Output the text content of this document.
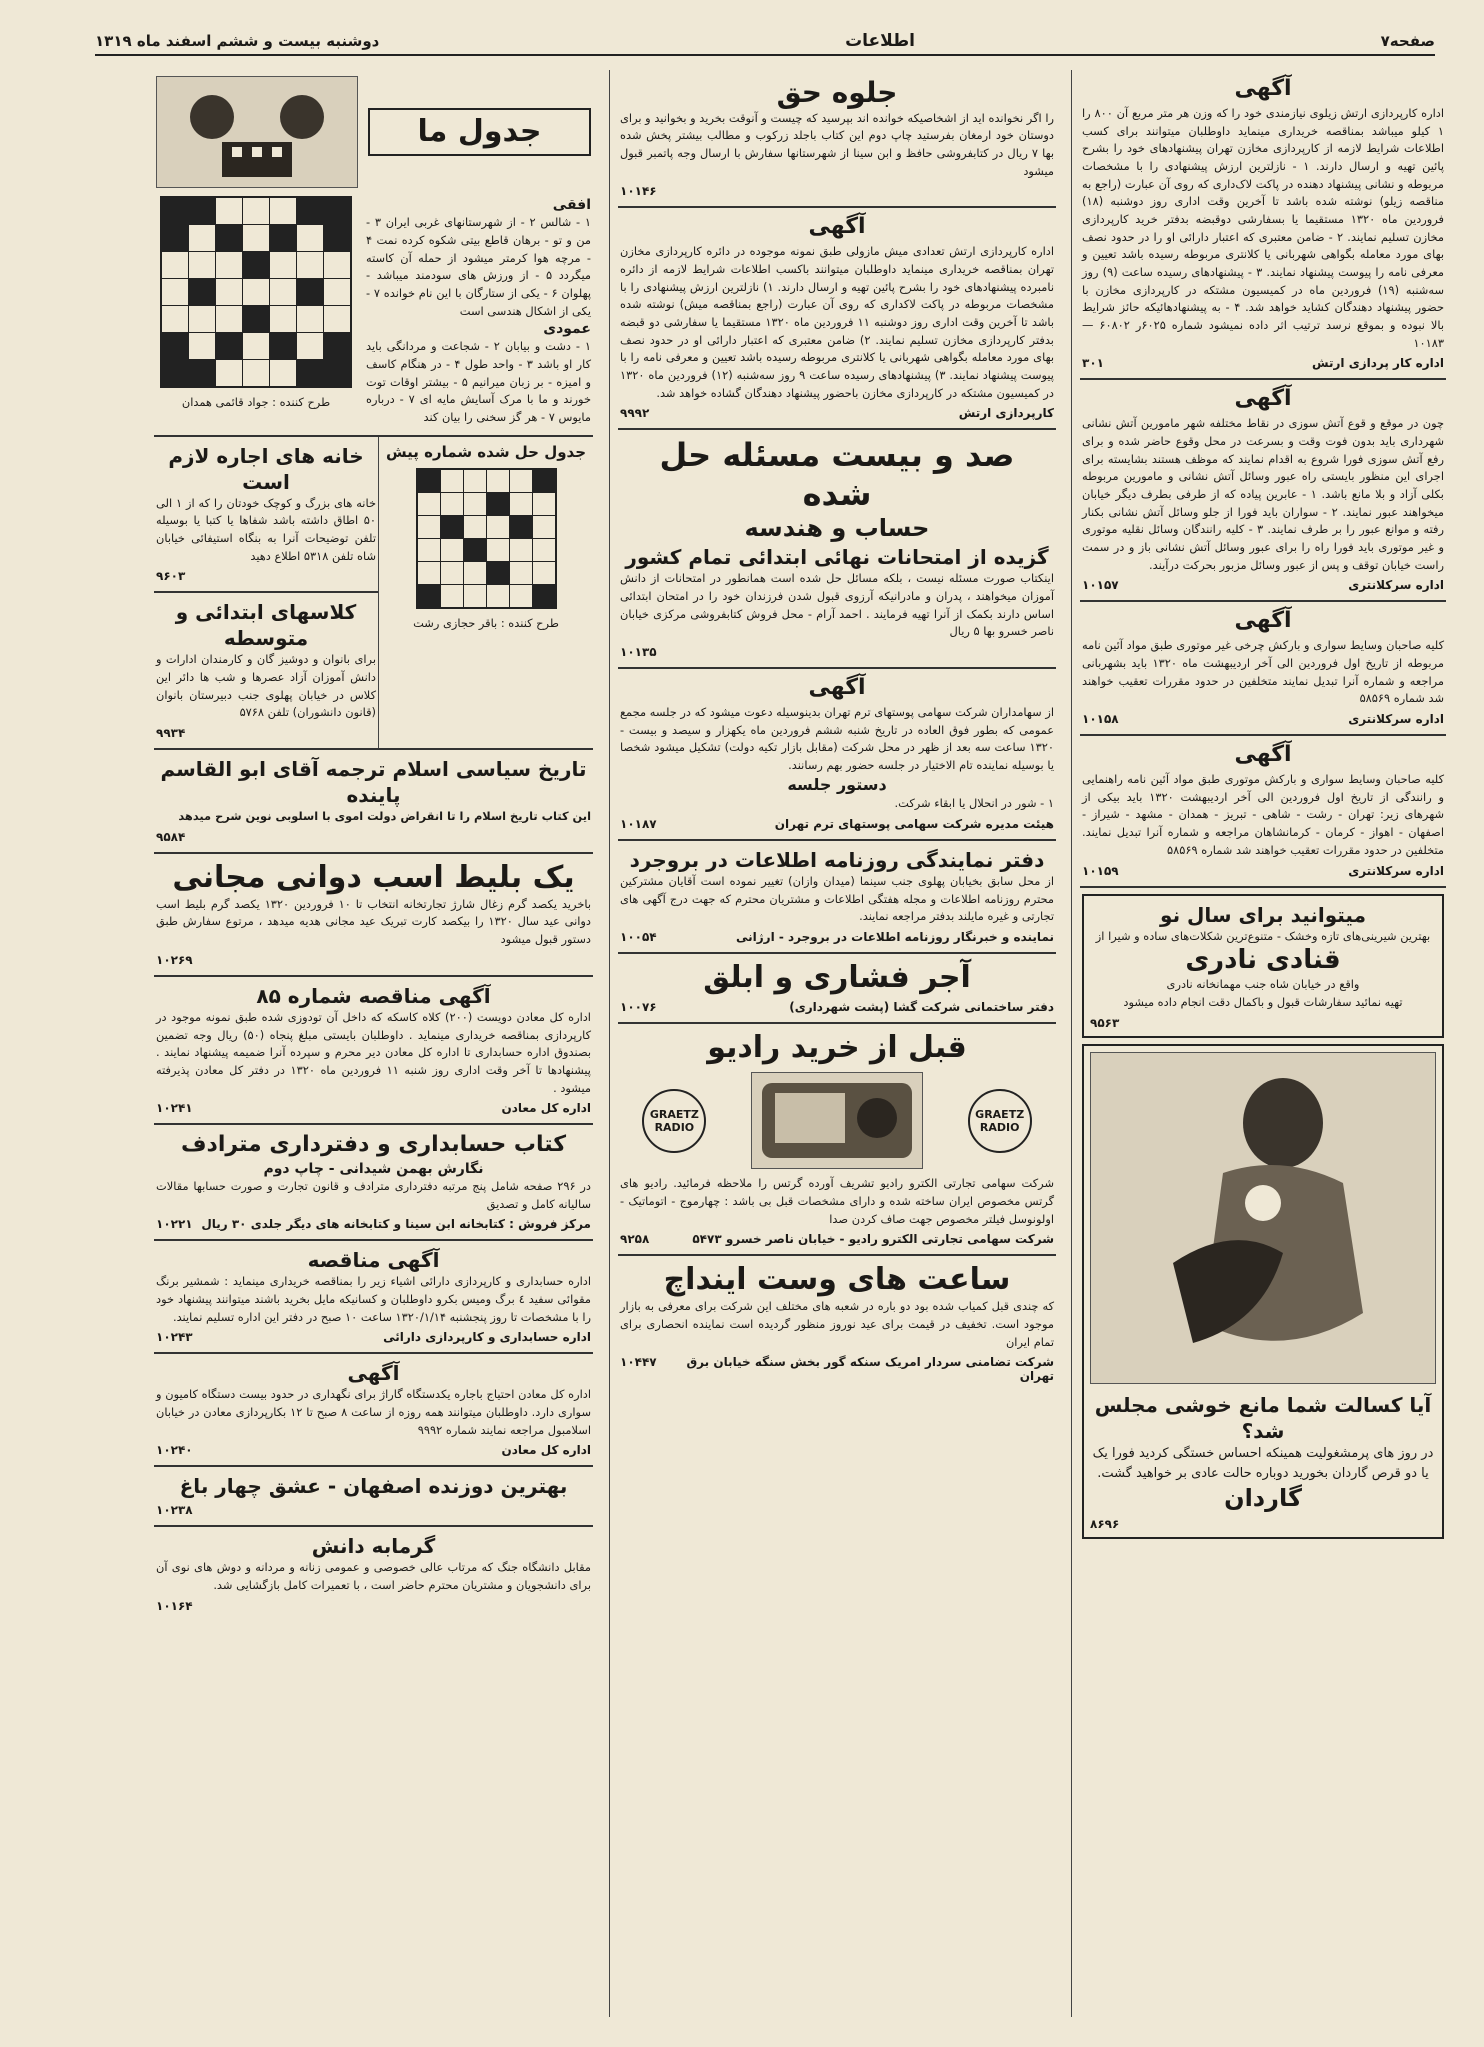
صفحه۷
اطلاعات
دوشنبه بیست و ششم اسفند ماه ۱۳۱۹
آگهی

اداره کارپردازی ارتش زیلوی نیازمندی خود را که وزن هر متر مربع آن ۸۰۰ را ۱ کیلو میباشد بمناقصه خریداری مینماید داوطلبان میتوانند برای کسب اطلاعات شرایط لازمه از کارپردازی مخازن تهران پیشنهادهای خود را بشرح پائین تهیه و ارسال دارند. ۱ - نازلترین ارزش پیشنهادی را با مشخصات مربوطه و نشانی پیشنهاد دهنده در پاکت لاک‌داری که روی آن عبارت (راجع به مناقصه زیلو) نوشته شده باشد تا آخرین وقت اداری روز دوشنبه (۱۸) فروردین ماه ۱۳۲۰ مستقیما یا بسفارشی دوقبضه بدفتر خرید کارپردازی مخازن تسلیم نمایند. ۲ - ضامن معتبری که اعتبار دارائی او را در حدود نصف بهای مورد معامله بگواهی شهربانی یا کلانتری مربوطه رسیده باشد تعیین و معرفی نامه را پیوست پیشنهاد نمایند. ۳ - پیشنهادهای رسیده ساعت (۹) روز سه‌شنبه (۱۹) فروردین ماه در کمیسیون مشتکه در کارپردازی مخازن با حضور پیشنهاد دهندگان کشاید خواهد شد. ۴ - به پیشنهادهائیکه حائز شرایط بالا نبوده و بموقع نرسد ترتیب اثر داده نمیشود شماره ۶۰۲۵ر ۶۰۸۰۲ — ۱۰۱۸۳

اداره کار پردازی ارتش
۳۰۱
آگهی

چون در موقع و قوع آتش سوزی در نقاط مختلفه شهر مامورین آتش نشانی شهرداری باید بدون فوت وقت و بسرعت در محل وقوع حاضر شده و برای رفع آتش سوزی فورا شروع به اقدام نمایند که موظف هستند بشایسته برای اجرای این منظور بایستی راه عبور وسائل آتش نشانی و مامورین مربوطه بکلی آزاد و بلا مانع باشد. ۱ - عابرین پیاده که از طرفی بطرف دیگر خیابان میخواهند عبور نمایند. ۲ - سواران باید فورا از جلو وسائل آتش نشانی بکنار رفته و موانع عبور را بر طرف نمایند. ۳ - کلیه رانندگان وسائل نقلیه موتوری و غیر موتوری باید فورا راه را برای عبور وسائل آتش نشانی باز و در سمت راست خیابان توقف و پس از عبور وسائل مزبور بحرکت درآیند.

اداره سرکلانتری
۱۰۱۵۷
آگهی

کلیه صاحبان وسایط سواری و بارکش چرخی غیر موتوری طبق مواد آئین نامه مربوطه از تاریخ اول فروردین الی آخر اردیبهشت ماه ۱۳۲۰ باید بشهربانی مراجعه و شماره آنرا تبدیل نمایند متخلفین در حدود مقررات تعقیب خواهند شد شماره ۵۸۵۶۹

اداره سرکلانتری
۱۰۱۵۸
آگهی

کلیه صاحبان وسایط سواری و بارکش موتوری طبق مواد آئین نامه راهنمایی و رانندگی از تاریخ اول فروردین الی آخر اردیبهشت ۱۳۲۰ باید بیکی از شهرهای زیر: تهران - رشت - شاهی - تبریز - همدان - مشهد - شیراز - اصفهان - اهواز - کرمان - کرمانشاهان مراجعه و شماره آنرا تبدیل نمایند. متخلفین در حدود مقررات تعقیب خواهند شد شماره ۵۸۵۶۹

اداره سرکلانتری
۱۰۱۵۹
میتوانید برای سال نو

بهترین شیرینی‌های تازه وخشک - متنوع‌ترین شکلات‌های ساده و شیرا از

قنادی نادری

واقع در خیابان شاه جنب مهمانخانه نادری

تهیه نمائید سفارشات قبول و باکمال دقت انجام داده میشود

۹۵۶۳
آیا کسالت شما مانع خوشی مجلس شد؟

در روز های پرمشغولیت همینکه احساس خستگی کردید فورا یک یا دو قرص گاردان بخورید دوباره حالت عادی بر خواهید گشت.

گاردان
۸۶۹۶
جلوه حق

را اگر نخوانده اید از اشخاصیکه خوانده اند بپرسید که چیست و آنوقت بخرید و بخوانید و برای دوستان خود ارمغان بفرستید چاپ دوم این کتاب باجلد زرکوب و مطالب بیشتر پخش شده بها ۷ ریال در کتابفروشی حافظ و ابن سینا از شهرستانها سفارش با ارسال وجه پاتمبر قبول میشود

۱۰۱۴۶
آگهی

اداره کارپردازی ارتش تعدادی میش مازولی طبق نمونه موجوده در دائره کارپردازی مخازن تهران بمناقصه خریداری مینماید داوطلبان میتوانند باکسب اطلاعات شرایط لازمه از دائره نامبرده پیشنهادهای خود را بشرح پائین تهیه و ارسال دارند. ۱) نازلترین ارزش پیشنهادی را با مشخصات مربوطه در پاکت لاکداری که روی آن عبارت (راجع بمناقصه میش) نوشته شده باشد تا آخرین وقت اداری روز دوشنبه ۱۱ فروردین ماه ۱۳۲۰ مستقیما یا سفارشی دو قبضه بدفتر کارپردازی مخازن تسلیم نمایند. ۲) ضامن معتبری که اعتبار دارائی او در حدود نصف بهای مورد معامله بگواهی شهربانی یا کلانتری مربوطه رسیده باشد تعیین و معرفی نامه را با پیوست پیشنهاد نمایند. ۳) پیشنهادهای رسیده ساعت ۹ روز سه‌شنبه (۱۲) فروردین ماه ۱۳۲۰ در کمیسیون مشتکه در کارپردازی مخازن باحضور پیشنهاد دهندگان گشاده خواهد شد.

کارپردازی ارتش
۹۹۹۲
صد و بیست مسئله حل شده
حساب و هندسه
گزیده از امتحانات نهائی ابتدائی تمام کشور

اینکتاب صورت مسئله نیست ، بلکه مسائل حل شده است همانطور در امتحانات از دانش آموزان میخواهند ، پدران و مادرانیکه آرزوی قبول شدن فرزندان خود را در امتحان ابتدائی اساس دارند بکمک از آنرا تهیه فرمایند . احمد آرام - محل فروش کتابفروشی مرکزی خیابان ناصر خسرو بها ۵ ریال

۱۰۱۳۵
آگهی

از سهامداران شرکت سهامی پوستهای ترم تهران بدینوسیله دعوت میشود که در جلسه مجمع عمومی که بطور فوق العاده در تاریخ شنبه ششم فروردین ماه یکهزار و سیصد و بیست - ۱۳۲۰ ساعت سه بعد از ظهر در محل شرکت (مقابل بازار تکیه دولت) تشکیل میشود شخصا یا بوسیله نماینده تام الاختیار در جلسه حضور بهم رسانند.

دستور جلسه

۱ - شور در انحلال یا ابقاء شرکت.

هیئت مدیره شرکت سهامی پوستهای ترم تهران
۱۰۱۸۷
دفتر نمایندگی روزنامه اطلاعات در بروجرد

از محل سابق بخیابان پهلوی جنب سینما (میدان وازان) تغییر نموده است آقایان مشترکین محترم روزنامه اطلاعات و مجله هفتگی اطلاعات و مشتریان محترم که جهت درج آگهی های تجارتی و غیره مایلند بدفتر مراجعه نمایند.

نماینده و خبرنگار روزنامه اطلاعات در بروجرد - ارژانی
۱۰۰۵۴
آجر فشاری و ابلق
دفتر ساختمانی شرکت گشا (پشت شهرداری)
۱۰۰۷۶
قبل از خرید رادیو
GRAETZ
RADIO
GRAETZ
RADIO

شرکت سهامی تجارتی الکترو رادیو تشریف آورده گرتس را ملاحظه فرمائید. رادیو های گرتس مخصوص ایران ساخته شده و دارای مشخصات قبل بی باشد : چهارموج - اتوماتیک - اولونوسل فیلتر مخصوص جهت صاف کردن صدا

شرکت سهامی تجارتی الکترو رادیو - خیابان ناصر خسرو ۵۴۷۳
۹۲۵۸
ساعت های وست اینداچ

که چندی قبل کمیاب شده بود دو باره در شعبه های مختلف این شرکت برای معرفی به بازار موجود است. تخفیف در قیمت برای عید نوروز منظور گردیده است نماینده انحصاری برای تمام ایران

شرکت تضامنی سردار امریک سنکه گور بخش سنگه خیابان برق تهران
۱۰۴۴۷
جدول ما
افقی

۱ - شالس ۲ - از شهرستانهای غربی ایران ۳ - من و تو - برهان قاطع بیتی شکوه کرده نمت ۴ - مرچه هوا کرمتر میشود از حمله آن کاسته میگردد ۵ - از ورزش های سودمند میباشد - پهلوان ۶ - یکی از ستارگان با این نام خوانده ۷ - یکی از اشکال هندسی است

عمودی

۱ - دشت و بیابان ۲ - شجاعت و مردانگی باید کار او باشد ۳ - واحد طول ۴ - در هنگام کاسف و امیزه - بر زبان میرانیم ۵ - بیشتر اوقات توت خورند و ما با مرک آسایش مایه ای ۷ - درباره مایوس ۷ - هر گز سخنی را بیان کند

طرح کننده : جواد قائمی همدان

جدول حل شده شماره پیش

طرح کننده : باقر حجازی رشت

خانه های اجاره لازم است

خانه های بزرگ و کوچک خودتان را که از ۱ الی ۵۰ اطاق داشته باشد شفاها یا کتبا یا بوسیله تلفن توضیحات آنرا به بنگاه استیفائی خیابان شاه تلفن ۵۳۱۸ اطلاع دهید

۹۶۰۳
کلاسهای ابتدائی و متوسطه

برای بانوان و دوشیز گان و کارمندان ادارات و دانش آموزان آزاد عصرها و شب ها دائر این کلاس در خیابان پهلوی جنب دبیرستان بانوان (قانون دانشوران) تلفن ۵۷۶۸

۹۹۳۴
تاریخ سیاسی اسلام ترجمه آقای ابو القاسم پاینده

این کتاب تاریخ اسلام را تا انقراض دولت اموی با اسلوبی نوین شرح میدهد

۹۵۸۴
یک بلیط اسب دوانی مجانی

باخرید یکصد گرم زغال شارژ تجارتخانه انتخاب تا ۱۰ فروردین ۱۳۲۰ یکصد گرم بلیط اسب دوانی عید سال ۱۳۲۰ را بیکصد کارت تبریک عید مجانی هدیه میدهد ، مرتوع سفارش طبق دستور قبول میشود

۱۰۲۶۹
آگهی مناقصه شماره ۸۵

اداره کل معادن دویست (۲۰۰) کلاه کاسکه که داخل آن تودوزی شده طبق نمونه موجود در کارپردازی بمناقصه خریداری مینماید . داوطلبان بایستی مبلغ پنجاه (۵۰) ریال وجه تضمین بصندوق اداره حسابداری تا اداره کل معادن دیر محرم و سپرده آنرا ضمیمه پیشنهاد نمایند . پیشنهادها تا آخر وقت اداری روز شنبه ۱۱ فروردین ماه ۱۳۲۰ در دفتر کل معادن پذیرفته میشود .

اداره کل معادن
۱۰۲۴۱
کتاب حسابداری و دفترداری مترادف
نگارش بهمن شیدانی - چاپ دوم

در ۲۹۶ صفحه شامل پنج مرتبه دفترداری مترادف و قانون تجارت و صورت حسابها مقالات سالیانه کامل و تصدیق

مرکز فروش : کتابخانه ابن سینا و کتابخانه های دیگر جلدی ۳۰ ریال
۱۰۲۲۱
آگهی مناقصه

اداره حسابداری و کارپردازی دارائی اشیاء زیر را بمناقصه خریداری مینماید : شمشیر برنگ مقوائی سفید ٤ برگ ومیس بکرو داوطلبان و کسانیکه مایل بخرید باشند میتوانند پیشنهاد خود را با مشخصات تا روز پنجشنبه ۱۳۲۰/۱/۱۴ ساعت ۱۰ صبح در دفتر این اداره تسلیم نمایند.

اداره حسابداری و کارپردازی دارائی
۱۰۲۴۳
آگهی

اداره کل معادن احتیاج باجاره یکدستگاه گاراژ برای نگهداری در حدود بیست دستگاه کامیون و سواری دارد. داوطلبان میتوانند همه روزه از ساعت ۸ صبح تا ۱۲ بکارپردازی معادن در خیابان اسلامبول مراجعه نمایند شماره ۹۹۹۲

اداره کل معادن
۱۰۲۴۰
بهترین دوزنده اصفهان - عشق چهار باغ
۱۰۲۳۸
گرمابه دانش

مقابل دانشگاه جنگ که مرتاب عالی خصوصی و عمومی زنانه و مردانه و دوش های نوی آن برای دانشجویان و مشتریان محترم حاضر است ، با تعمیرات کامل بازگشایی شد.

۱۰۱۶۴
